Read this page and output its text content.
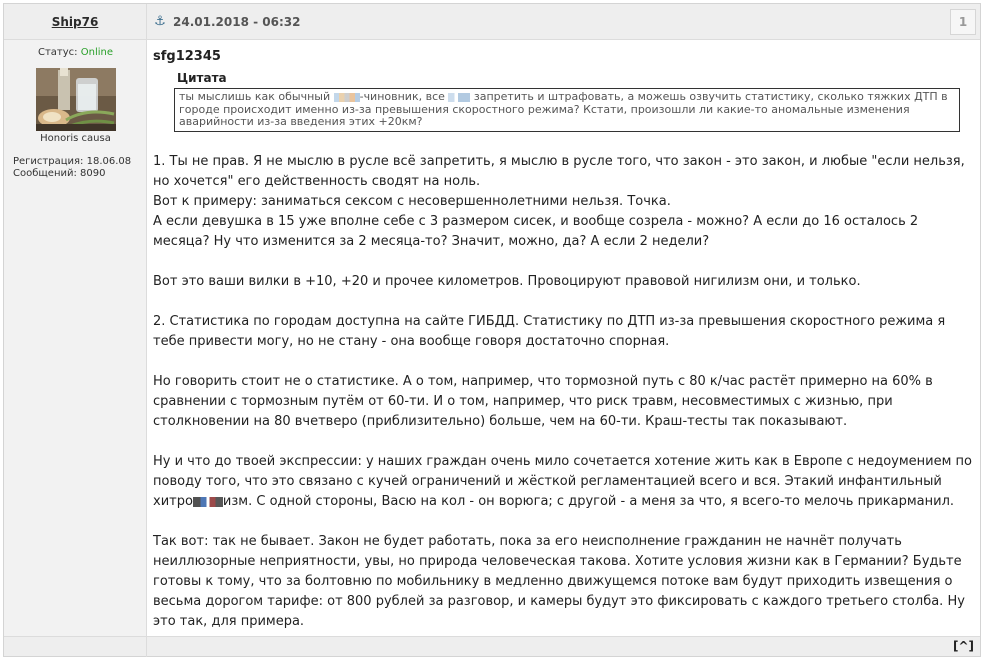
Ship76	⚓ 24.01.2018 - 06:32	1
Статус: Online
Honoris causa
Регистрация: 18.06.08
Сообщений: 8090
sfg12345
Цитата
ты мыслишь как обычный -чиновник, все  запретить и штрафовать, а можешь озвучить статистику, сколько тяжких ДТП в городе происходит именно из-за превышения скоростного режима? Кстати, произошли ли какие-то аномальные изменения аварийности из-за введения этих +20км?

1. Ты не прав. Я не мыслю в русле всё запретить, я мыслю в русле того, что закон - это закон, и любые "если нельзя, но хочется" его действенность сводят на ноль.
Вот к примеру: заниматься сексом с несовершеннолетними нельзя. Точка.
А если девушка в 15 уже вполне себе с 3 размером сисек, и вообще созрела - можно? А если до 16 осталось 2 месяца? Ну что изменится за 2 месяца-то? Значит, можно, да? А если 2 недели?

Вот это ваши вилки в +10, +20 и прочее километров. Провоцируют правовой нигилизм они, и только.

2. Статистика по городам доступна на сайте ГИБДД. Статистику по ДТП из-за превышения скоростного режима я тебе привести могу, но не стану - она вообще говоря достаточно спорная.

Но говорить стоит не о статистике. А о том, например, что тормозной путь с 80 к/час растёт примерно на 60% в сравнении с тормозным путём от 60-ти. И о том, например, что риск травм, несовместимых с жизнью, при столкновении на 80 вчетверо (приблизительно) больше, чем на 60-ти. Краш-тесты так показывают.

Ну и что до твоей экспрессии: у наших граждан очень мило сочетается хотение жить как в Европе с недоумением по поводу того, что это связано с кучей ограничений и жёсткой регламентацией всего и вся. Этакий инфантильный хитро изм. С одной стороны, Васю на кол - он ворюга; с другой - а меня за что, я всего-то мелочь прикарманил.

Так вот: так не бывает. Закон не будет работать, пока за его неисполнение гражданин не начнёт получать неиллюзорные неприятности, увы, но природа человеческая такова. Хотите условия жизни как в Германии? Будьте готовы к тому, что за болтовню по мобильнику в медленно движущемся потоке вам будут приходить извещения о весьма дорогом тарифе: от 800 рублей за разговор, и камеры будут это фиксировать с каждого третьего столба. Ну это так, для примера.

[^]
